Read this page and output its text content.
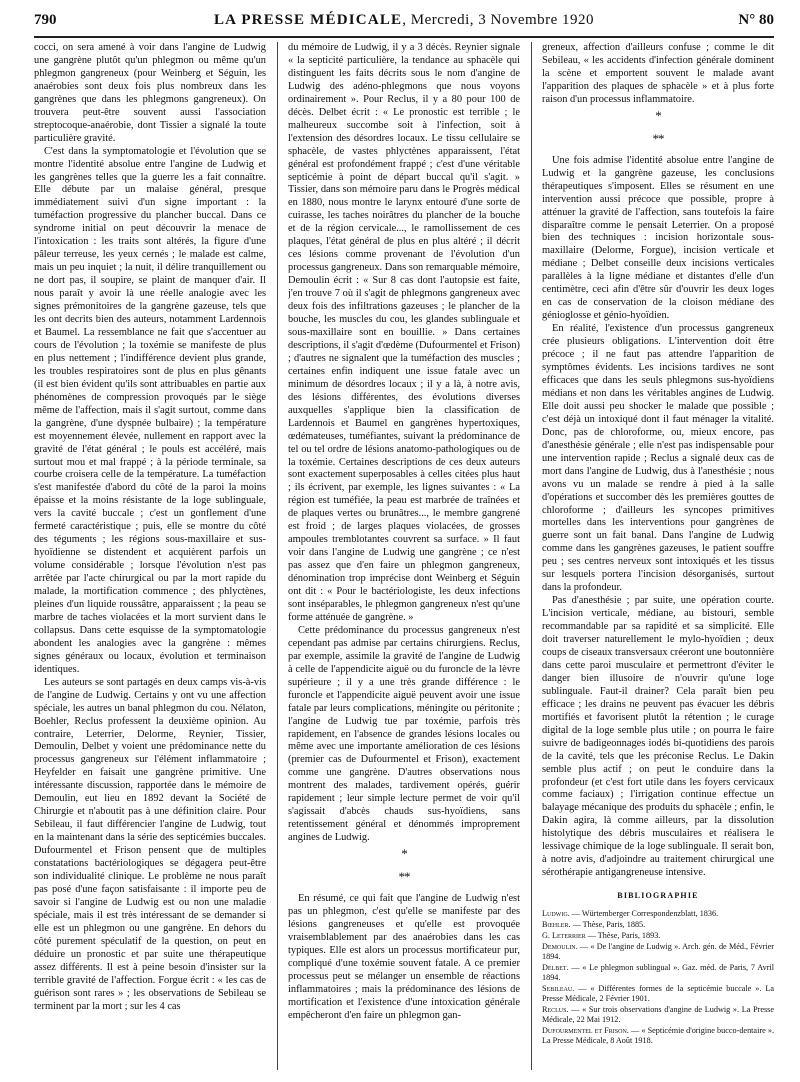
790	LA PRESSE MÉDICALE, Mercredi, 3 Novembre 1920	N° 80

cocci, on sera amené à voir dans l'angine de Ludwig une gangrène plutôt qu'un phlegmon ou même qu'un phlegmon gangreneux (pour Weinberg et Séguin, les anaérobies sont deux fois plus nombreux dans les gangrènes que dans les phlegmons gangreneux). On trouvera peut-être souvent aussi l'association streptocoque-anaérobie, dont Tissier a signalé la toute particulière gravité.

C'est dans la symptomatologie et l'évolution que se montre l'identité absolue entre l'angine de Ludwig et les gangrènes telles que la guerre les a fait connaître. Elle débute par un malaise général, presque immédiatement suivi d'un signe important : la tuméfaction progressive du plancher buccal. Dans ce syndrome initial on peut découvrir la menace de l'intoxication : les traits sont altérés, la figure d'une pâleur terreuse, les yeux cernés ; le malade est calme, mais un peu inquiet ; la nuit, il délire tranquillement ou ne dort pas, il soupire, se plaint de manquer d'air. Il nous paraît y avoir là une réelle analogie avec les signes prémonitoires de la gangrène gazeuse, tels que les ont decrits bien des auteurs, notamment Lardennois et Baumel. La ressemblance ne fait que s'accentuer au cours de l'évolution ; la toxémie se manifeste de plus en plus nettement ; l'indifférence devient plus grande, les troubles respiratoires sont de plus en plus gênants (il est bien évident qu'ils sont attribuables en partie aux phénomènes de compression provoqués par le siège même de l'affection, mais il s'agit surtout, comme dans la gangrène, d'une dyspnée bulbaire) ; la température est moyennement élevée, nullement en rapport avec la gravité de l'état général ; le pouls est accéléré, mais surtout mou et mal frappé ; à la période terminale, sa courbe croisera celle de la température. La tuméfaction s'est manifestée d'abord du côté de la paroi la moins épaisse et la moins résistante de la loge sublinguale, vers la cavité buccale ; c'est un gonflement d'une fermeté caractéristique ; puis, elle se montre du côté des téguments ; les régions sous-maxillaire et sus-hyoïdienne se distendent et acquièrent parfois un volume considérable ; lorsque l'évolution n'est pas arrêtée par l'acte chirurgical ou par la mort rapide du malade, la mortification commence ; des phlyctènes, pleines d'un liquide roussâtre, apparaissent ; la peau se marbre de taches violacées et la mort survient dans le collapsus. Dans cette esquisse de la symptomatologie abondent les analogies avec la gangrène : mêmes signes généraux ou locaux, évolution et terminaison identiques.

Les auteurs se sont partagés en deux camps vis-à-vis de l'angine de Ludwig. Certains y ont vu une affection spéciale, les autres un banal phlegmon du cou. Nélaton, Boehler, Reclus professent la deuxième opinion. Au contraire, Leterrier, Delorme, Reynier, Tissier, Demoulin, Delbet y voient une prédominance nette du processus gangreneux sur l'élément inflammatoire ; Heyfelder en faisait une gangrène primitive. Une intéressante discussion, rapportée dans le mémoire de Demoulin, eut lieu en 1892 devant la Société de Chirurgie et n'aboutit pas à une définition claire. Pour Sebileau, il faut différencier l'angine de Ludwig, tout en la maintenant dans la série des septicémies buccales. Dufourmentel et Frison pensent que de multiples constatations bactériologiques se dégagera peut-être son individualité clinique. Le problème ne nous paraît pas posé d'une façon satisfaisante : il importe peu de savoir si l'angine de Ludwig est ou non une maladie spéciale, mais il est très intéressant de se demander si elle est un phlegmon ou une gangrène. En dehors du côté purement spéculatif de la question, on peut en déduire un pronostic et par suite une thérapeutique assez différents. Il est à peine besoin d'insister sur la terrible gravité de l'affection. Forgue écrit : « les cas de guérison sont rares » ; les observations de Sebileau se terminent par la mort ; sur les 4 cas

du mémoire de Ludwig, il y a 3 décès. Reynier signale « la septicité particulière, la tendance au sphacèle qui distinguent les faits décrits sous le nom d'angine de Ludwig des adéno-phlegmons que nous voyons ordinairement ». Pour Reclus, il y a 80 pour 100 de décès. Delbet écrit : « Le pronostic est terrible ; le malheureux succombe soit à l'infection, soit à l'extension des désordres locaux. Le tissu cellulaire se sphacèle, de vastes phlyctènes apparaissent, l'état général est profondément frappé ; c'est d'une véritable septicémie à point de départ buccal qu'il s'agit. » Tissier, dans son mémoire paru dans le Progrès médical en 1880, nous montre le larynx entouré d'une sorte de cuirasse, les taches noirâtres du plancher de la bouche et de la région cervicale..., le ramollissement de ces plaques, l'état général de plus en plus altéré ; il décrit ces lésions comme provenant de l'évolution d'un processus gangreneux. Dans son remarquable mémoire, Demoulin écrit : « Sur 8 cas dont l'autopsie est faite, j'en trouve 7 où il s'agit de phlegmons gangreneux avec deux fois des infiltrations gazeuses ; le plancher de la bouche, les muscles du cou, les glandes sublinguale et sous-maxillaire sont en bouillie. » Dans certaines descriptions, il s'agit d'œdème (Dufourmentel et Frison) ; d'autres ne signalent que la tuméfaction des muscles ; certaines enfin indiquent une issue fatale avec un minimum de désordres locaux ; il y a là, à notre avis, des lésions différentes, des évolutions diverses auxquelles s'applique bien la classification de Lardennois et Baumel en gangrènes hypertoxiques, œdémateuses, tuméfiantes, suivant la prédominance de tel ou tel ordre de lésions anatomo-pathologiques ou de la toxémie. Certaines descriptions de ces deux auteurs sont exactement superposables à celles citées plus haut ; ils écrivent, par exemple, les lignes suivantes : « La région est tuméfiée, la peau est marbrée de traînées et de plaques vertes ou brunâtres..., le membre gangrené est froid ; de larges plaques violacées, de grosses ampoules tremblotantes couvrent sa surface. » Il faut voir dans l'angine de Ludwig une gangrène ; ce n'est pas assez que d'en faire un phlegmon gangreneux, dénomination trop imprécise dont Weinberg et Séguin ont dit : « Pour le bactériologiste, les deux infections sont inséparables, le phlegmon gangreneux n'est qu'une forme atténuée de gangrène. »

Cette prédominance du processus gangreneux n'est cependant pas admise par certains chirurgiens. Reclus, par exemple, assimile la gravité de l'angine de Ludwig à celle de l'appendicite aiguë ou du furoncle de la lèvre supérieure ; il y a une très grande différence : le furoncle et l'appendicite aiguë peuvent avoir une issue fatale par leurs complications, méningite ou péritonite ; l'angine de Ludwig tue par toxémie, parfois très rapidement, en l'absence de grandes lésions locales ou même avec une importante amélioration de ces lésions (premier cas de Dufourmentel et Frison), exactement comme une gangrène. D'autres observations nous montrent des malades, tardivement opérés, guérir rapidement ; leur simple lecture permet de voir qu'il s'agissait d'abcès chauds sus-hyoïdiens, sans retentissement général et dénommés improprement angines de Ludwig.

*
**

En résumé, ce qui fait que l'angine de Ludwig n'est pas un phlegmon, c'est qu'elle se manifeste par des lésions gangreneuses et qu'elle est provoquée vraisemblablement par des anaérobies dans les cas typiques. Elle est alors un processus mortificateur pur, compliqué d'une toxémie souvent fatale. A ce premier processus peut se mélanger un ensemble de réactions inflammatoires ; mais la prédominance des lésions de mortification et l'existence d'une intoxication générale empêcheront d'en faire un phlegmon gan-

greneux, affection d'ailleurs confuse ; comme le dit Sebileau, « les accidents d'infection générale dominent la scène et emportent souvent le malade avant l'apparition des plaques de sphacèle » et à plus forte raison d'un processus inflammatoire.

*
**

Une fois admise l'identité absolue entre l'angine de Ludwig et la gangrène gazeuse, les conclusions thérapeutiques s'imposent. Elles se résument en une intervention aussi précoce que possible, propre à atténuer la gravité de l'affection, sans toutefois la faire disparaître comme le pensait Leterrier. On a proposé bien des techniques : incision horizontale sous-maxillaire (Delorme, Forgue), incision verticale et médiane ; Delbet conseille deux incisions verticales parallèles à la ligne médiane et distantes d'elle d'un centimètre, ceci afin d'être sûr d'ouvrir les deux loges en cas de conservation de la cloison médiane des génioglosse et génio-hyoïdien.

En réalité, l'existence d'un processus gangreneux crée plusieurs obligations. L'intervention doit être précoce ; il ne faut pas attendre l'apparition de symptômes évidents. Les incisions tardives ne sont efficaces que dans les seuls phlegmons sus-hyoïdiens médians et non dans les véritables angines de Ludwig. Elle doit aussi peu shocker le malade que possible ; c'est déjà un intoxiqué dont il faut ménager la vitalité. Donc, pas de chloroforme, ou, mieux encore, pas d'anesthésie générale ; elle n'est pas indispensable pour une intervention rapide ; Reclus a signalé deux cas de mort dans l'angine de Ludwig, dus à l'anesthésie ; nous avons vu un malade se rendre à pied à la salle d'opérations et succomber dès les premières gouttes de chloroforme ; d'ailleurs les syncopes primitives mortelles dans les interventions pour gangrènes de guerre sont un fait banal. Dans l'angine de Ludwig comme dans les gangrènes gazeuses, le patient souffre peu ; ses centres nerveux sont intoxiqués et les tissus sur lesquels portera l'incision désorganisés, surtout dans la profondeur.

Pas d'anesthésie ; par suite, une opération courte. L'incision verticale, médiane, au bistouri, semble recommandable par sa rapidité et sa simplicité. Elle doit traverser naturellement le mylo-hyoïdien ; deux coups de ciseaux transversaux créeront une boutonnière dans cette paroi musculaire et permettront d'éviter le danger bien illusoire de n'ouvrir qu'une loge sublinguale. Faut-il drainer? Cela paraît bien peu efficace ; les drains ne peuvent pas évacuer les débris mortifiés et favorisent plutôt la rétention ; le curage digital de la loge semble plus utile ; on pourra le faire suivre de badigeonnages iodés bi-quotidiens des parois de la cavité, tels que les préconise Reclus. Le Dakin semble plus actif ; on peut le conduire dans la profondeur (et c'est fort utile dans les foyers cervicaux comme faciaux) ; l'irrigation continue effectue un balayage mécanique des produits du sphacèle ; enfin, le Dakin agira, là comme ailleurs, par la dissolution histolytique des débris musculaires et réalisera le lessivage chimique de la loge sublinguale. Il serait bon, à notre avis, d'adjoindre au traitement chirurgical une sérothérapie antigangreneuse intensive.

BIBLIOGRAPHIE

Ludwig. — Würtemberger Correspondenzblatt, 1836.

Bœhler. — Thèse, Paris, 1885.

G. Leterrier — Thèse, Paris, 1893.

Demoulin. — « De l'angine de Ludwig ». Arch. gén. de Méd., Février 1894.

Delbet. — « Le phlegmon sublingual ». Gaz. méd. de Paris, 7 Avril 1894.

Sebileau. — « Différentes formes de la septicémie buccale ». La Presse Médicale, 2 Février 1901.

Reclus. — « Sur trois observations d'angine de Ludwig ». La Presse Médicale, 22 Mai 1912.

Dufourmentel et Frison. — « Septicémie d'origine bucco-dentaire ». La Presse Médicale, 8 Août 1918.
